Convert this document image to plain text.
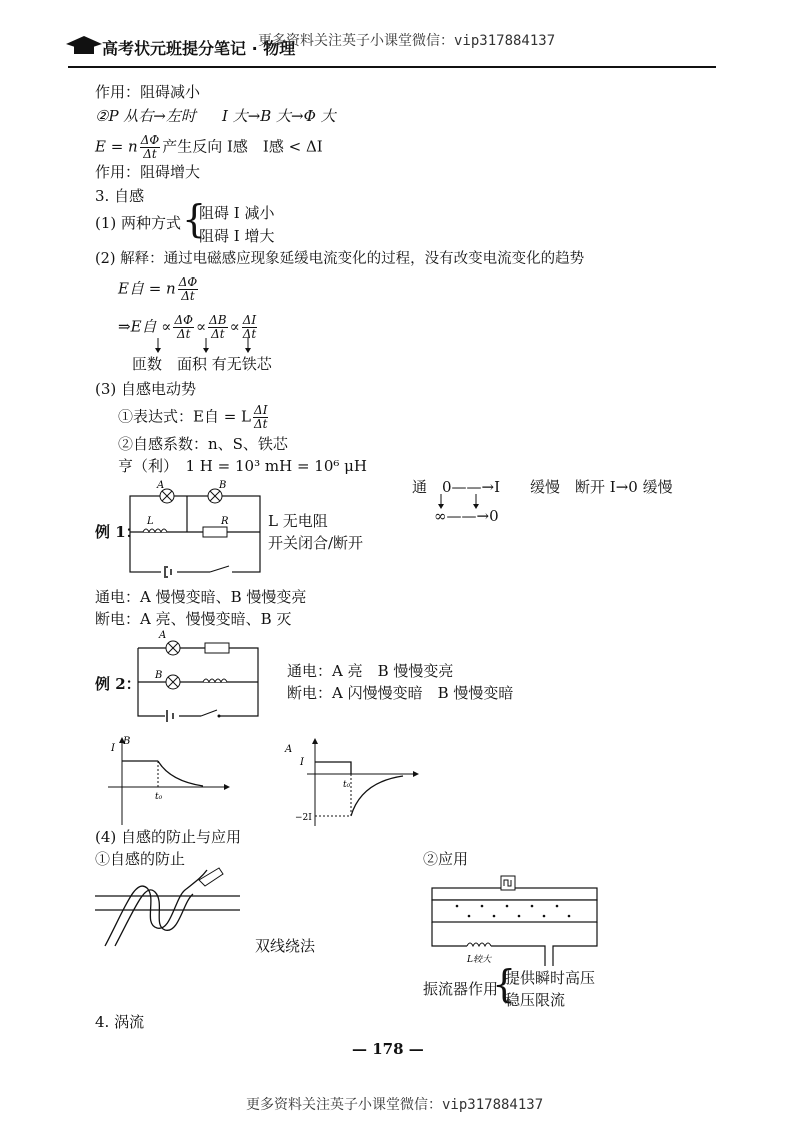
高考状元班提分笔记 · 物理
更多资料关注英子小课堂微信：vip317884137
作用：阻碍减小
②P 从右→左时 I 大→B 大→Φ 大
E = n $\frac{\Delta\Phi}{\Delta t}$ 产生反向 I感　I感 < ΔI
作用：阻碍增大
3. 自感
(1) 两种方式 {
阻碍 I 减小
阻碍 I 增大
(2) 解释：通过电磁感应现象延缓电流变化的过程，没有改变电流变化的趋势
E自 = n $\frac{\Delta\Phi}{\Delta t}$
⇒E自 ∝ $\frac{\Delta\Phi}{\Delta t} \propto \frac{\Delta B}{\Delta t} \propto \frac{\Delta I}{\Delta t}$
匝数　面积 有无铁芯
(3) 自感电动势
①表达式：E自 = L $\frac{\Delta I}{\Delta t}$
②自感系数：n、S、铁芯
亨（利）　1 H = 10³ mH = 10⁶ μH
通　0——→I　　缓慢　断开 I→0 缓慢
∞——→0
例 1：
A	B
L	R	L 无电阻
开关闭合/断开
通电：A 慢慢变暗、B 慢慢变亮
断电：A 亮、慢慢变暗、B 灭
例 2：
A
B	通电：A 亮　B 慢慢变亮
断电：A 闪慢慢变暗　B 慢慢变暗
I
B
t₀
A
I
t₀
−2I
(4) 自感的防止与应用
①自感的防止	②应用
双线绕法
L较大
振流器作用
{
提供瞬时高压
稳压限流
4. 涡流
— 178 —
更多资料关注英子小课堂微信：vip317884137
